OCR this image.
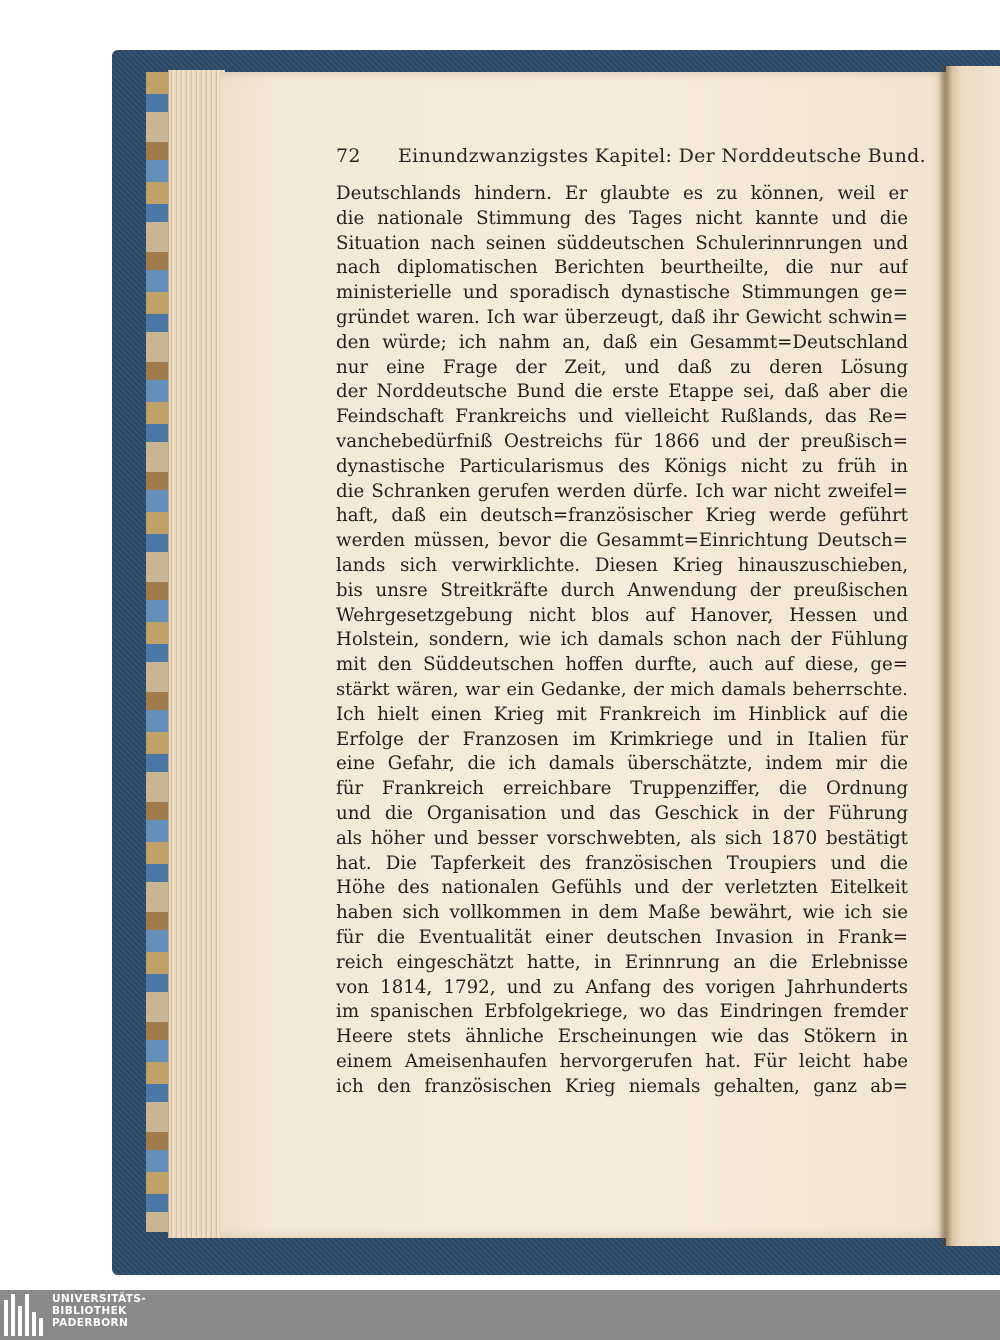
72 Einundzwanzigstes Kapitel: Der Norddeutsche Bund.
Deutschlands hindern. Er glaubte es zu können, weil er
die nationale Stimmung des Tages nicht kannte und die
Situation nach seinen süddeutschen Schulerinnrungen und
nach diplomatischen Berichten beurtheilte, die nur auf
ministerielle und sporadisch dynastische Stimmungen ge=
gründet waren. Ich war überzeugt, daß ihr Gewicht schwin=
den würde; ich nahm an, daß ein Gesammt=Deutschland
nur eine Frage der Zeit, und daß zu deren Lösung
der Norddeutsche Bund die erste Etappe sei, daß aber die
Feindschaft Frankreichs und vielleicht Rußlands, das Re=
vanchebedürfniß Oestreichs für 1866 und der preußisch=
dynastische Particularismus des Königs nicht zu früh in
die Schranken gerufen werden dürfe. Ich war nicht zweifel=
haft, daß ein deutsch=französischer Krieg werde geführt
werden müssen, bevor die Gesammt=Einrichtung Deutsch=
lands sich verwirklichte. Diesen Krieg hinauszuschieben,
bis unsre Streitkräfte durch Anwendung der preußischen
Wehrgesetzgebung nicht blos auf Hanover, Hessen und
Holstein, sondern, wie ich damals schon nach der Fühlung
mit den Süddeutschen hoffen durfte, auch auf diese, ge=
stärkt wären, war ein Gedanke, der mich damals beherrschte.
Ich hielt einen Krieg mit Frankreich im Hinblick auf die
Erfolge der Franzosen im Krimkriege und in Italien für
eine Gefahr, die ich damals überschätzte, indem mir die
für Frankreich erreichbare Truppenziffer, die Ordnung
und die Organisation und das Geschick in der Führung
als höher und besser vorschwebten, als sich 1870 bestätigt
hat. Die Tapferkeit des französischen Troupiers und die
Höhe des nationalen Gefühls und der verletzten Eitelkeit
haben sich vollkommen in dem Maße bewährt, wie ich sie
für die Eventualität einer deutschen Invasion in Frank=
reich eingeschätzt hatte, in Erinnrung an die Erlebnisse
von 1814, 1792, und zu Anfang des vorigen Jahrhunderts
im spanischen Erbfolgekriege, wo das Eindringen fremder
Heere stets ähnliche Erscheinungen wie das Stökern in
einem Ameisenhaufen hervorgerufen hat. Für leicht habe
ich den französischen Krieg niemals gehalten, ganz ab=
UNIVERSITÄTS-
BIBLIOTHEK
PADERBORN
